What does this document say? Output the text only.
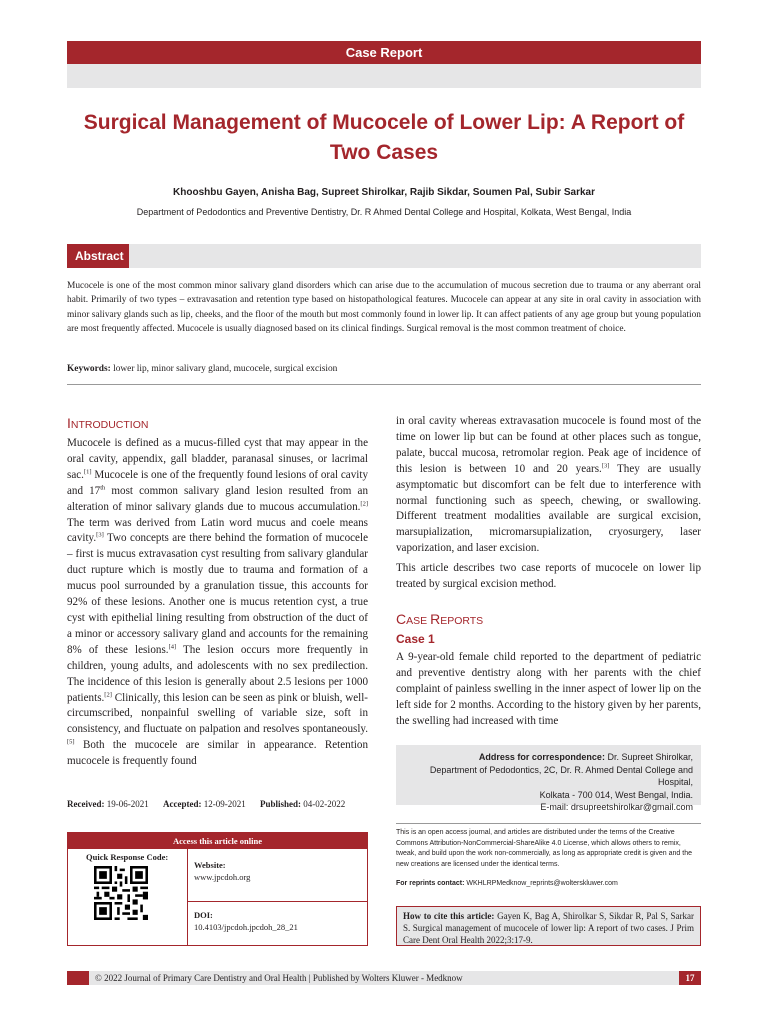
Case Report
Surgical Management of Mucocele of Lower Lip: A Report of Two Cases
Khooshbu Gayen, Anisha Bag, Supreet Shirolkar, Rajib Sikdar, Soumen Pal, Subir Sarkar
Department of Pedodontics and Preventive Dentistry, Dr. R Ahmed Dental College and Hospital, Kolkata, West Bengal, India
Abstract
Mucocele is one of the most common minor salivary gland disorders which can arise due to the accumulation of mucous secretion due to trauma or any aberrant oral habit. Primarily of two types – extravasation and retention type based on histopathological features. Mucocele can appear at any site in oral cavity in association with minor salivary glands such as lip, cheeks, and the floor of the mouth but most commonly found in lower lip. It can affect patients of any age group but young population are most frequently affected. Mucocele is usually diagnosed based on its clinical findings. Surgical removal is the most common treatment of choice.
Keywords: lower lip, minor salivary gland, mucocele, surgical excision
INTRODUCTION
Mucocele is defined as a mucus-filled cyst that may appear in the oral cavity, appendix, gall bladder, paranasal sinuses, or lacrimal sac.[1] Mucocele is one of the frequently found lesions of oral cavity and 17th most common salivary gland lesion resulted from an alteration of minor salivary glands due to mucous accumulation.[2] The term was derived from Latin word mucus and coele means cavity.[3] Two concepts are there behind the formation of mucocele – first is mucus extravasation cyst resulting from salivary glandular duct rupture which is mostly due to trauma and formation of a mucus pool surrounded by a granulation tissue, this accounts for 92% of these lesions. Another one is mucus retention cyst, a true cyst with epithelial lining resulting from obstruction of the duct of a minor or accessory salivary gland and accounts for the remaining 8% of these lesions.[4] The lesion occurs more frequently in children, young adults, and adolescents with no sex predilection. The incidence of this lesion is generally about 2.5 lesions per 1000 patients.[2] Clinically, this lesion can be seen as pink or bluish, well-circumscribed, nonpainful swelling of variable size, soft in consistency, and fluctuate on palpation and resolves spontaneously.[5] Both the mucocele are similar in appearance. Retention mucocele is frequently found
in oral cavity whereas extravasation mucocele is found most of the time on lower lip but can be found at other places such as tongue, palate, buccal mucosa, retromolar region. Peak age of incidence of this lesion is between 10 and 20 years.[3] They are usually asymptomatic but discomfort can be felt due to interference with normal functioning such as speech, chewing, or swallowing. Different treatment modalities available are surgical excision, marsupialization, micromarsupialization, cryosurgery, laser vaporization, and laser excision.
This article describes two case reports of mucocele on lower lip treated by surgical excision method.
CASE REPORTS
Case 1
A 9-year-old female child reported to the department of pediatric and preventive dentistry along with her parents with the chief complaint of painless swelling in the inner aspect of lower lip on the left side for 2 months. According to the history given by her parents, the swelling had increased with time
Address for correspondence: Dr. Supreet Shirolkar,
Department of Pedodontics, 2C, Dr. R. Ahmed Dental College and Hospital,
Kolkata - 700 014, West Bengal, India.
E-mail: drsupreetshirolkar@gmail.com
Received: 19-06-2021 Accepted: 12-09-2021 Published: 04-02-2022
Access this article online
Quick Response Code:
Website:
www.jpcdoh.org
DOI:
10.4103/jpcdoh.jpcdoh_28_21
This is an open access journal, and articles are distributed under the terms of the Creative Commons Attribution-NonCommercial-ShareAlike 4.0 License, which allows others to remix, tweak, and build upon the work non-commercially, as long as appropriate credit is given and the new creations are licensed under the identical terms.
For reprints contact: WKHLRPMedknow_reprints@wolterskluwer.com
How to cite this article: Gayen K, Bag A, Shirolkar S, Sikdar R, Pal S, Sarkar S. Surgical management of mucocele of lower lip: A report of two cases. J Prim Care Dent Oral Health 2022;3:17-9.
© 2022 Journal of Primary Care Dentistry and Oral Health | Published by Wolters Kluwer - Medknow	17
